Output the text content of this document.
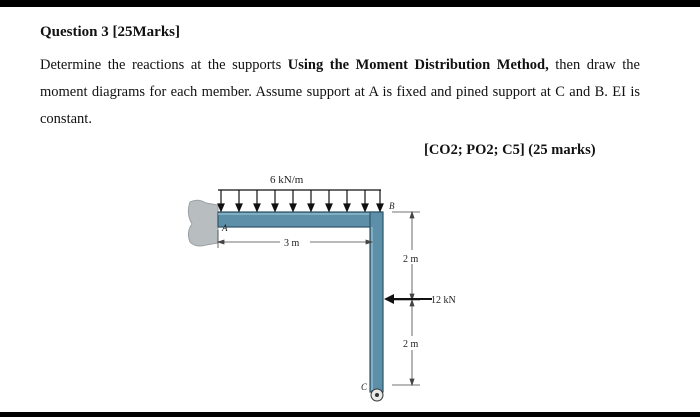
Question 3 [25Marks]
Determine the reactions at the supports Using the Moment Distribution Method, then draw the moment diagrams for each member. Assume support at A is fixed and pined support at C and B. EI is constant.
[CO2; PO2; C5] (25 marks)
6 kN/m
3 m
2 m
2 m
12 kN
A
B
C
